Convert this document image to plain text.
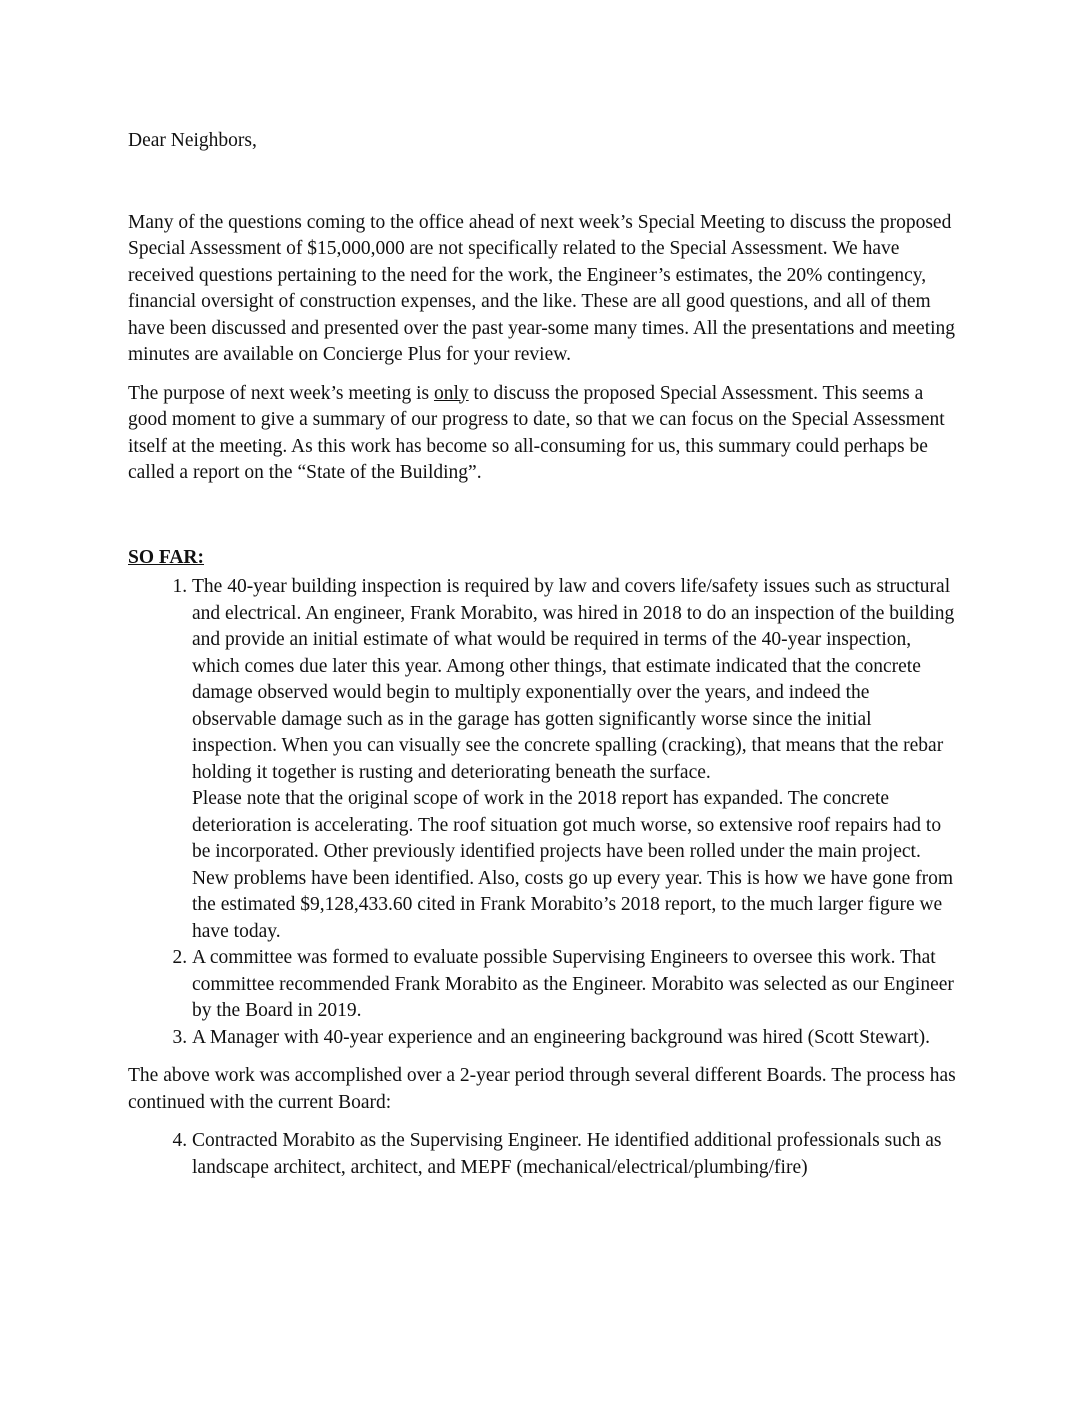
Dear Neighbors,

Many of the questions coming to the office ahead of next week’s Special Meeting to discuss the proposed Special Assessment of $15,000,000 are not specifically related to the Special Assessment. We have received questions pertaining to the need for the work, the Engineer’s estimates, the 20% contingency, financial oversight of construction expenses, and the like. These are all good questions, and all of them have been discussed and presented over the past year-some many times. All the presentations and meeting minutes are available on Concierge Plus for your review.

The purpose of next week’s meeting is only to discuss the proposed Special Assessment. This seems a good moment to give a summary of our progress to date, so that we can focus on the Special Assessment itself at the meeting. As this work has become so all-consuming for us, this summary could perhaps be called a report on the “State of the Building”.

SO FAR:

1. The 40-year building inspection is required by law and covers life/safety issues such as structural and electrical. An engineer, Frank Morabito, was hired in 2018 to do an inspection of the building and provide an initial estimate of what would be required in terms of the 40-year inspection, which comes due later this year. Among other things, that estimate indicated that the concrete damage observed would begin to multiply exponentially over the years, and indeed the observable damage such as in the garage has gotten significantly worse since the initial inspection. When you can visually see the concrete spalling (cracking), that means that the rebar holding it together is rusting and deteriorating beneath the surface.
Please note that the original scope of work in the 2018 report has expanded. The concrete deterioration is accelerating. The roof situation got much worse, so extensive roof repairs had to be incorporated. Other previously identified projects have been rolled under the main project. New problems have been identified. Also, costs go up every year. This is how we have gone from the estimated $9,128,433.60 cited in Frank Morabito’s 2018 report, to the much larger figure we have today.
2. A committee was formed to evaluate possible Supervising Engineers to oversee this work. That committee recommended Frank Morabito as the Engineer. Morabito was selected as our Engineer by the Board in 2019.
3. A Manager with 40-year experience and an engineering background was hired (Scott Stewart).

The above work was accomplished over a 2-year period through several different Boards. The process has continued with the current Board:

4. Contracted Morabito as the Supervising Engineer. He identified additional professionals such as landscape architect, architect, and MEPF (mechanical/electrical/plumbing/fire)
